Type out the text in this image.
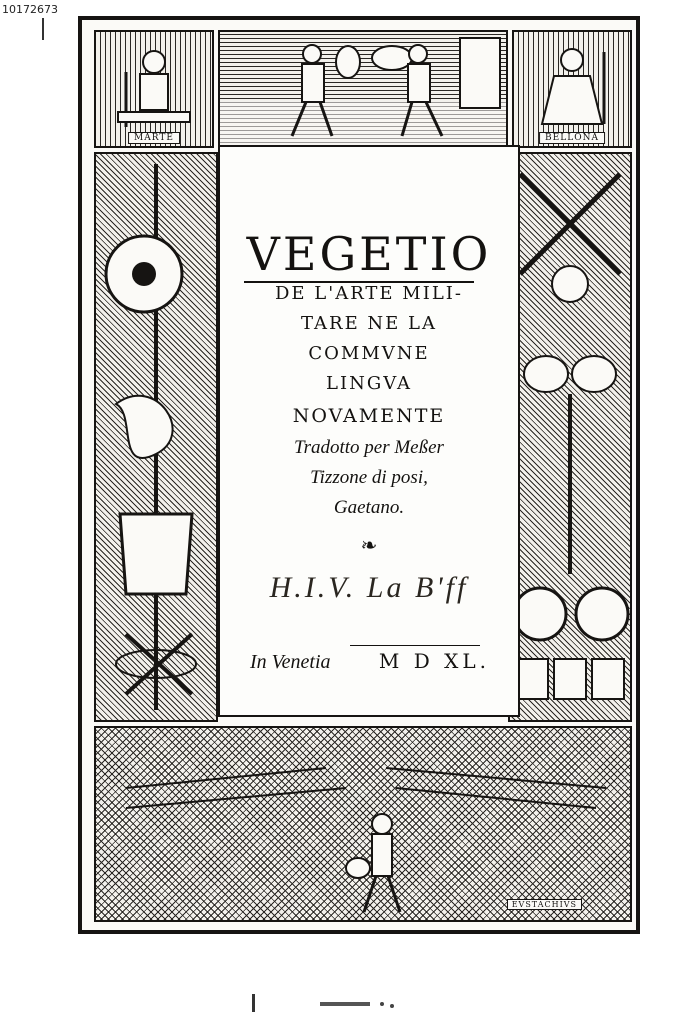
10172673
MARTE	BELLONA
EVSTACHIVS
VEGETIO
DE L'ARTE MILI-
TARE NE LA
COMMVNE
LINGVA
NOVAMENTE
Tradotto per Meßer
Tizzone di posi,
Gaetano.
❧
H.I.V. La B'ff
In Venetia M D XL.
